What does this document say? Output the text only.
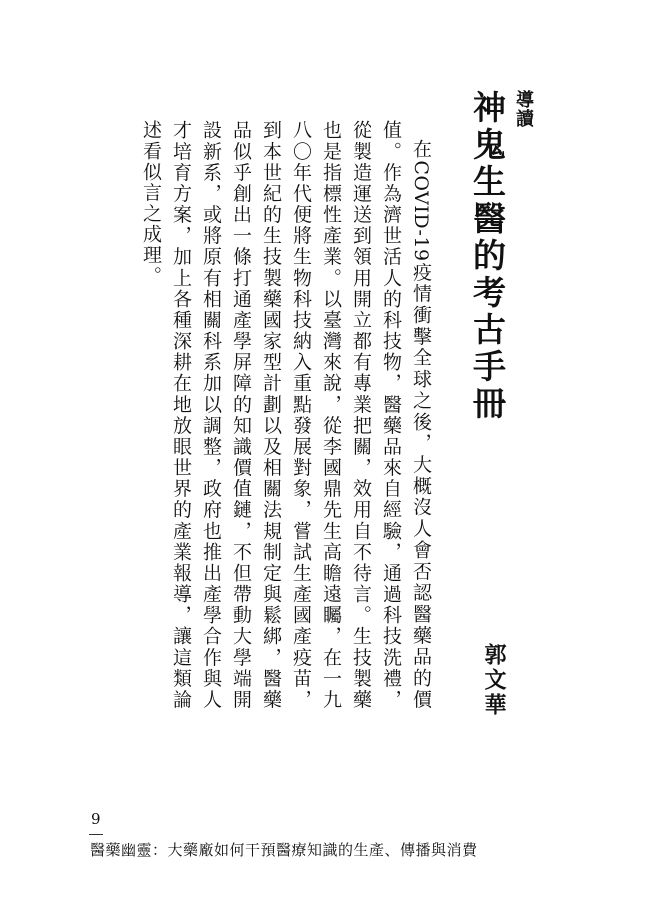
導讀
神鬼生醫的考古手冊
郭文華

在COVID-19疫情衝擊全球之後，大概沒人會否認醫藥品的價值。作為濟世活人的科技物，醫藥品來自經驗，通過科技洗禮，從製造運送到領用開立都有專業把關，效用自不待言。生技製藥也是指標性產業。以臺灣來說，從李國鼎先生高瞻遠矚，在一九八〇年代便將生物科技納入重點發展對象，嘗試生產國產疫苗，到本世紀的生技製藥國家型計劃以及相關法規制定與鬆綁，醫藥品似乎創出一條打通產學屏障的知識價值鏈，不但帶動大學端開設新系，或將原有相關科系加以調整，政府也推出產學合作與人才培育方案，加上各種深耕在地放眼世界的產業報導，讓這類論述看似言之成理。

9
醫藥幽靈：大藥廠如何干預醫療知識的生產、傳播與消費
